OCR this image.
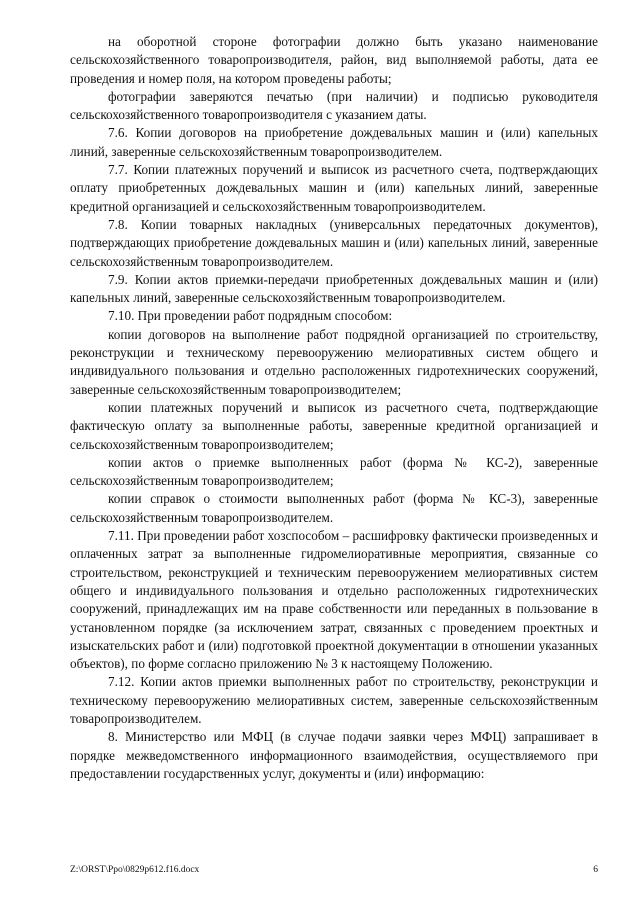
на оборотной стороне фотографии должно быть указано наименование сельскохозяйственного товаропроизводителя, район, вид выполняемой работы, дата ее проведения и номер поля, на котором проведены работы;

фотографии заверяются печатью (при наличии) и подписью руководителя сельскохозяйственного товаропроизводителя с указанием даты.

7.6. Копии договоров на приобретение дождевальных машин и (или) капельных линий, заверенные сельскохозяйственным товаропроизводителем.

7.7. Копии платежных поручений и выписок из расчетного счета, подтверждающих оплату приобретенных дождевальных машин и (или) капельных линий, заверенные кредитной организацией и сельскохозяйственным товаропроизводителем.

7.8. Копии товарных накладных (универсальных передаточных документов), подтверждающих приобретение дождевальных машин и (или) капельных линий, заверенные сельскохозяйственным товаропроизводителем.

7.9. Копии актов приемки-передачи приобретенных дождевальных машин и (или) капельных линий, заверенные сельскохозяйственным товаропроизводителем.

7.10. При проведении работ подрядным способом:

копии договоров на выполнение работ подрядной организацией по строительству, реконструкции и техническому перевооружению мелиоративных систем общего и индивидуального пользования и отдельно расположенных гидротехнических сооружений, заверенные сельскохозяйственным товаропроизводителем;

копии платежных поручений и выписок из расчетного счета, подтверждающие фактическую оплату за выполненные работы, заверенные кредитной организацией и сельскохозяйственным товаропроизводителем;

копии актов о приемке выполненных работ (форма № КС-2), заверенные сельскохозяйственным товаропроизводителем;

копии справок о стоимости выполненных работ (форма № КС-3), заверенные сельскохозяйственным товаропроизводителем.

7.11. При проведении работ хозспособом – расшифровку фактически произведенных и оплаченных затрат за выполненные гидромелиоративные мероприятия, связанные со строительством, реконструкцией и техническим перевооружением мелиоративных систем общего и индивидуального пользования и отдельно расположенных гидротехнических сооружений, принадлежащих им на праве собственности или переданных в пользование в установленном порядке (за исключением затрат, связанных с проведением проектных и изыскательских работ и (или) подготовкой проектной документации в отношении указанных объектов), по форме согласно приложению № 3 к настоящему Положению.

7.12. Копии актов приемки выполненных работ по строительству, реконструкции и техническому перевооружению мелиоративных систем, заверенные сельскохозяйственным товаропроизводителем.

8. Министерство или МФЦ (в случае подачи заявки через МФЦ) запрашивает в порядке межведомственного информационного взаимодействия, осуществляемого при предоставлении государственных услуг, документы и (или) информацию:

Z:\ORST\Ppo\0829p612.f16.docx	6
